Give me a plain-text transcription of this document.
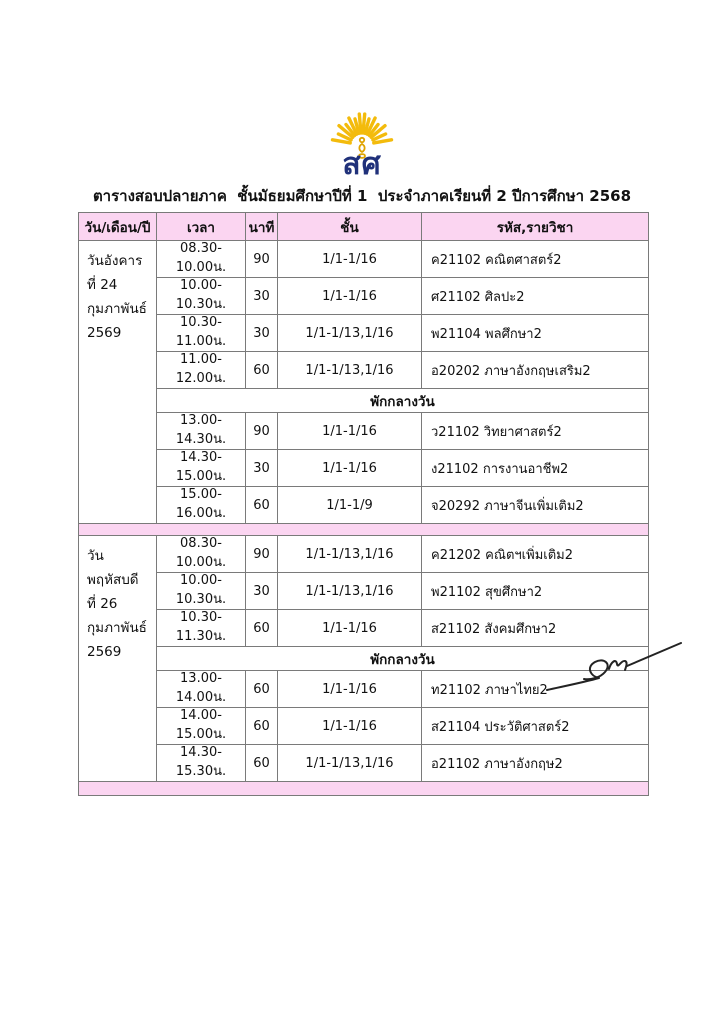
สศ
ตารางสอบปลายภาค  ชั้นมัธยมศึกษาปีที่ 1  ประจำภาคเรียนที่ 2 ปีการศึกษา 2568
วัน/เดือน/ปี	เวลา	นาที	ชั้น	รหัส,รายวิชา

วันอังคาร
ที่ 24
กุมภาพันธ์
2569	08.30-10.00น.	90	1/1-1/16	ค21102 คณิตศาสตร์2
	10.00-10.30น.	30	1/1-1/16	ศ21102 ศิลปะ2
	10.30-11.00น.	30	1/1-1/13,1/16	พ21104 พลศึกษา2
	11.00-12.00น.	60	1/1-1/13,1/16	อ20202 ภาษาอังกฤษเสริม2
	พักกลางวัน			
	13.00-14.30น.	90	1/1-1/16	ว21102 วิทยาศาสตร์2
	14.30-15.00น.	30	1/1-1/16	ง21102 การงานอาชีพ2
	15.00-16.00น.	60	1/1-1/9	จ20292 ภาษาจีนเพิ่มเติม2

วัน
พฤหัสบดี
ที่ 26
กุมภาพันธ์
2569	08.30-10.00น.	90	1/1-1/13,1/16	ค21202 คณิตฯเพิ่มเติม2
	10.00-10.30น.	30	1/1-1/13,1/16	พ21102 สุขศึกษา2
	10.30-11.30น.	60	1/1-1/16	ส21102 สังคมศึกษา2
	พักกลางวัน			
	13.00-14.00น.	60	1/1-1/16	ท21102 ภาษาไทย2
	14.00-15.00น.	60	1/1-1/16	ส21104 ประวัติศาสตร์2
	14.30-15.30น.	60	1/1-1/13,1/16	อ21102 ภาษาอังกฤษ2
